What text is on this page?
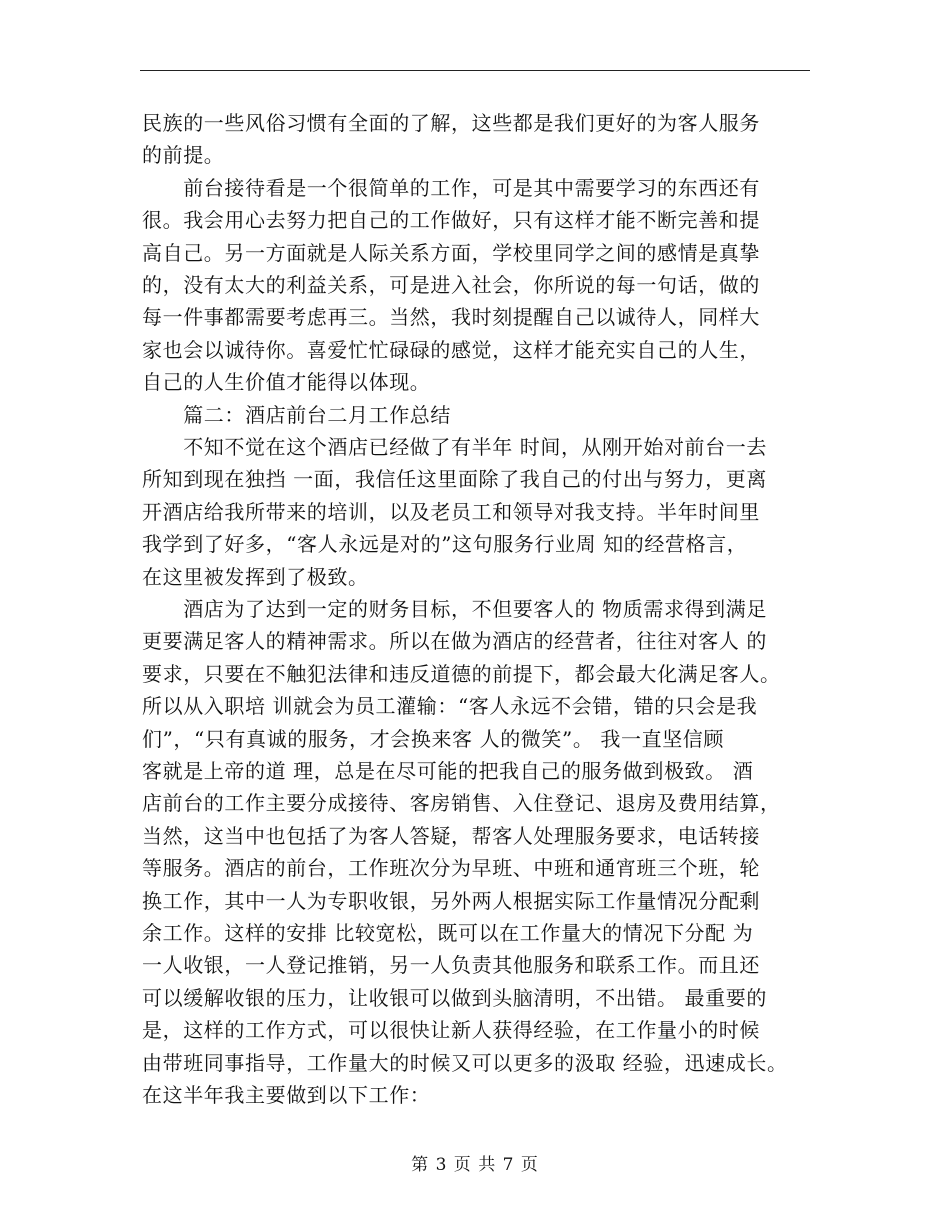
民族的一些风俗习惯有全面的了解，这些都是我们更好的为客人服务
的前提。
　　前台接待看是一个很简单的工作，可是其中需要学习的东西还有
很。我会用心去努力把自己的工作做好，只有这样才能不断完善和提
高自己。另一方面就是人际关系方面，学校里同学之间的感情是真挚
的，没有太大的利益关系，可是进入社会，你所说的每一句话，做的
每一件事都需要考虑再三。当然，我时刻提醒自己以诚待人，同样大
家也会以诚待你。喜爱忙忙碌碌的感觉，这样才能充实自己的人生，
自己的人生价值才能得以体现。
　　篇二：酒店前台二月工作总结
　　不知不觉在这个酒店已经做了有半年 时间，从刚开始对前台一去
所知到现在独挡 一面，我信任这里面除了我自己的付出与努力，更离
开酒店给我所带来的培训，以及老员工和领导对我支持。半年时间里
我学到了好多，“客人永远是对的”这句服务行业周 知的经营格言，
在这里被发挥到了极致。
　　酒店为了达到一定的财务目标，不但要客人的 物质需求得到满足
更要满足客人的精神需求。所以在做为酒店的经营者，往往对客人 的
要求，只要在不触犯法律和违反道德的前提下，都会最大化满足客人。
所以从入职培 训就会为员工灌输：“客人永远不会错，错的只会是我
们”，“只有真诚的服务，才会换来客 人的微笑”。 我一直坚信顾
客就是上帝的道 理，总是在尽可能的把我自己的服务做到极致。 酒
店前台的工作主要分成接待、客房销售、入住登记、退房及费用结算，
当然，这当中也包括了为客人答疑，帮客人处理服务要求，电话转接
等服务。酒店的前台，工作班次分为早班、中班和通宵班三个班，轮
换工作，其中一人为专职收银，另外两人根据实际工作量情况分配剩
余工作。这样的安排 比较宽松，既可以在工作量大的情况下分配 为
一人收银，一人登记推销，另一人负责其他服务和联系工作。而且还
可以缓解收银的压力，让收银可以做到头脑清明，不出错。 最重要的
是，这样的工作方式，可以很快让新人获得经验，在工作量小的时候
由带班同事指导，工作量大的时候又可以更多的汲取 经验，迅速成长。
在这半年我主要做到以下工作：
第 3 页 共 7 页
